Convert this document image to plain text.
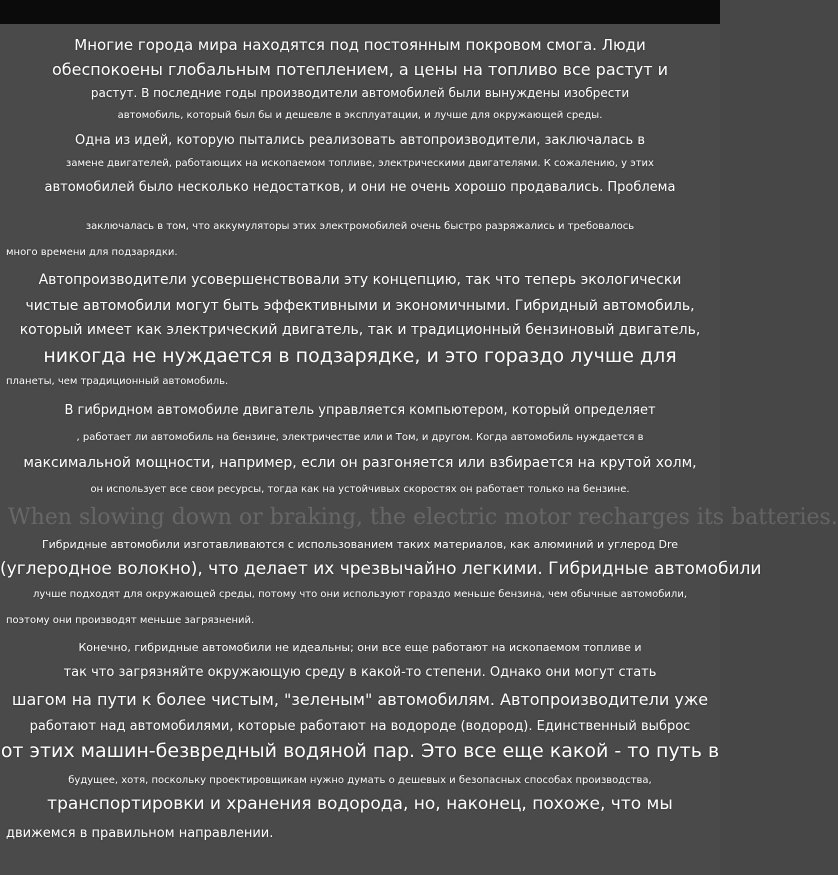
When slowing down or braking, the electric motor recharges its batteries.
Многие города мира находятся под постоянным покровом смога. Люди
обеспокоены глобальным потеплением, а цены на топливо все растут и
растут. В последние годы производители автомобилей были вынуждены изобрести
автомобиль, который был бы и дешевле в эксплуатации, и лучше для окружающей среды.
Одна из идей, которую пытались реализовать автопроизводители, заключалась в
замене двигателей, работающих на ископаемом топливе, электрическими двигателями. К сожалению, у этих
автомобилей было несколько недостатков, и они не очень хорошо продавались. Проблема
заключалась в том, что аккумуляторы этих электромобилей очень быстро разряжались и требовалось
много времени для подзарядки.
Автопроизводители усовершенствовали эту концепцию, так что теперь экологически
чистые автомобили могут быть эффективными и экономичными. Гибридный автомобиль,
который имеет как электрический двигатель, так и традиционный бензиновый двигатель,
никогда не нуждается в подзарядке, и это гораздо лучше для
планеты, чем традиционный автомобиль.
В гибридном автомобиле двигатель управляется компьютером, который определяет
, работает ли автомобиль на бензине, электричестве или и Том, и другом. Когда автомобиль нуждается в
максимальной мощности, например, если он разгоняется или взбирается на крутой холм,
он использует все свои ресурсы, тогда как на устойчивых скоростях он работает только на бензине.
Гибридные автомобили изготавливаются с использованием таких материалов, как алюминий и углерод Dre
(углеродное волокно), что делает их чрезвычайно легкими. Гибридные автомобили
лучше подходят для окружающей среды, потому что они используют гораздо меньше бензина, чем обычные автомобили,
поэтому они производят меньше загрязнений.
Конечно, гибридные автомобили не идеальны; они все еще работают на ископаемом топливе и
так что загрязняйте окружающую среду в какой-то степени. Однако они могут стать
шагом на пути к более чистым, "зеленым" автомобилям. Автопроизводители уже
работают над автомобилями, которые работают на водороде (водород). Единственный выброс
от этих машин-безвредный водяной пар. Это все еще какой - то путь в
будущее, хотя, поскольку проектировщикам нужно думать о дешевых и безопасных способах производства,
транспортировки и хранения водорода, но, наконец, похоже, что мы
движемся в правильном направлении.
